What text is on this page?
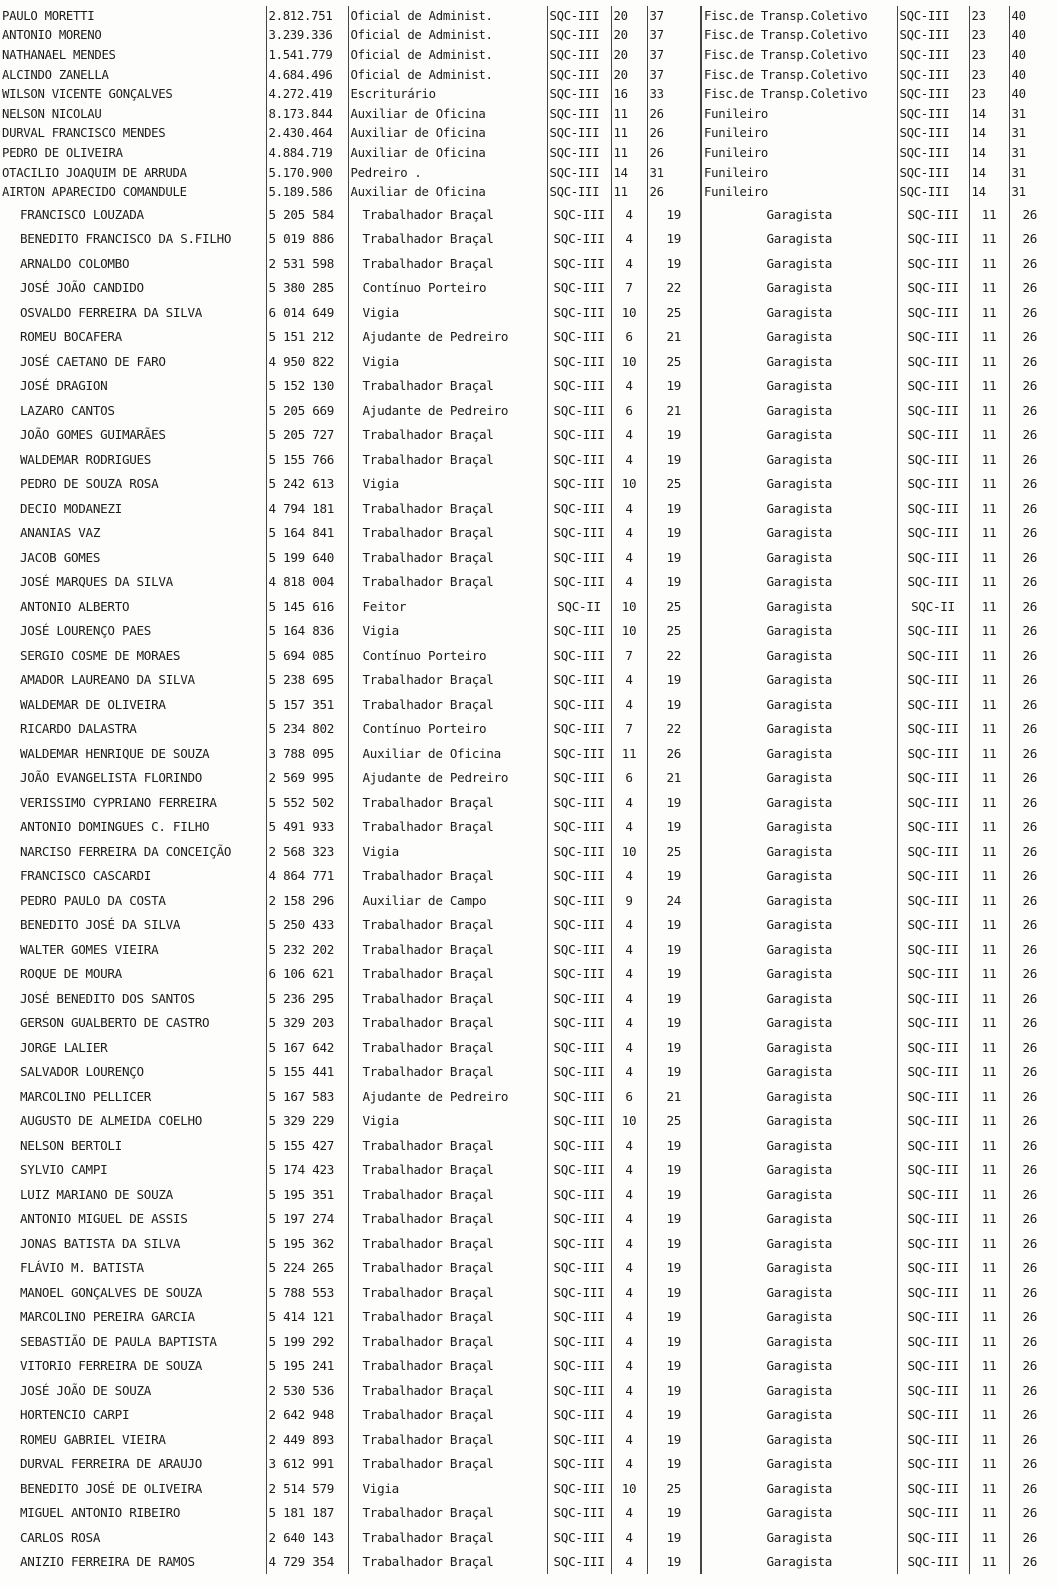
PAULO MORETTI	2.812.751	Oficial de Administ.	SQC-III	20	37	Fisc.de Transp.Coletivo	SQC-III	23	40
ANTONIO MORENO	3.239.336	Oficial de Administ.	SQC-III	20	37	Fisc.de Transp.Coletivo	SQC-III	23	40
NATHANAEL MENDES	1.541.779	Oficial de Administ.	SQC-III	20	37	Fisc.de Transp.Coletivo	SQC-III	23	40
ALCINDO ZANELLA	4.684.496	Oficial de Administ.	SQC-III	20	37	Fisc.de Transp.Coletivo	SQC-III	23	40
WILSON VICENTE GONÇALVES	4.272.419	Escriturário	SQC-III	16	33	Fisc.de Transp.Coletivo	SQC-III	23	40
NELSON NICOLAU	8.173.844	Auxiliar de Oficina	SQC-III	11	26	Funileiro	SQC-III	14	31
DURVAL FRANCISCO MENDES	2.430.464	Auxiliar de Oficina	SQC-III	11	26	Funileiro	SQC-III	14	31
PEDRO DE OLIVEIRA	4.884.719	Auxiliar de Oficina	SQC-III	11	26	Funileiro	SQC-III	14	31
OTACILIO JOAQUIM DE ARRUDA	5.170.900	Pedreiro .	SQC-III	14	31	Funileiro	SQC-III	14	31
AIRTON APARECIDO COMANDULE	5.189.586	Auxiliar de Oficina	SQC-III	11	26	Funileiro	SQC-III	14	31
FRANCISCO LOUZADA	5 205 584	Trabalhador Braçal	SQC-III	4	19	Garagista	SQC-III	11	26
BENEDITO FRANCISCO DA S.FILHO	5 019 886	Trabalhador Braçal	SQC-III	4	19	Garagista	SQC-III	11	26
ARNALDO COLOMBO	2 531 598	Trabalhador Braçal	SQC-III	4	19	Garagista	SQC-III	11	26
JOSÉ JOÃO CANDIDO	5 380 285	Contínuo Porteiro	SQC-III	7	22	Garagista	SQC-III	11	26
OSVALDO FERREIRA DA SILVA	6 014 649	Vigia	SQC-III	10	25	Garagista	SQC-III	11	26
ROMEU BOCAFERA	5 151 212	Ajudante de Pedreiro	SQC-III	6	21	Garagista	SQC-III	11	26
JOSÉ CAETANO DE FARO	4 950 822	Vigia	SQC-III	10	25	Garagista	SQC-III	11	26
JOSÉ DRAGION	5 152 130	Trabalhador Braçal	SQC-III	4	19	Garagista	SQC-III	11	26
LAZARO CANTOS	5 205 669	Ajudante de Pedreiro	SQC-III	6	21	Garagista	SQC-III	11	26
JOÃO GOMES GUIMARÃES	5 205 727	Trabalhador Braçal	SQC-III	4	19	Garagista	SQC-III	11	26
WALDEMAR RODRIGUES	5 155 766	Trabalhador Braçal	SQC-III	4	19	Garagista	SQC-III	11	26
PEDRO DE SOUZA ROSA	5 242 613	Vigia	SQC-III	10	25	Garagista	SQC-III	11	26
DECIO MODANEZI	4 794 181	Trabalhador Braçal	SQC-III	4	19	Garagista	SQC-III	11	26
ANANIAS VAZ	5 164 841	Trabalhador Braçal	SQC-III	4	19	Garagista	SQC-III	11	26
JACOB GOMES	5 199 640	Trabalhador Braçal	SQC-III	4	19	Garagista	SQC-III	11	26
JOSÉ MARQUES DA SILVA	4 818 004	Trabalhador Braçal	SQC-III	4	19	Garagista	SQC-III	11	26
ANTONIO ALBERTO	5 145 616	Feitor	SQC-II	10	25	Garagista	SQC-II	11	26
JOSÉ LOURENÇO PAES	5 164 836	Vigia	SQC-III	10	25	Garagista	SQC-III	11	26
SERGIO COSME DE MORAES	5 694 085	Contínuo Porteiro	SQC-III	7	22	Garagista	SQC-III	11	26
AMADOR LAUREANO DA SILVA	5 238 695	Trabalhador Braçal	SQC-III	4	19	Garagista	SQC-III	11	26
WALDEMAR DE OLIVEIRA	5 157 351	Trabalhador Braçal	SQC-III	4	19	Garagista	SQC-III	11	26
RICARDO DALASTRA	5 234 802	Contínuo Porteiro	SQC-III	7	22	Garagista	SQC-III	11	26
WALDEMAR HENRIQUE DE SOUZA	3 788 095	Auxiliar de Oficina	SQC-III	11	26	Garagista	SQC-III	11	26
JOÃO EVANGELISTA FLORINDO	2 569 995	Ajudante de Pedreiro	SQC-III	6	21	Garagista	SQC-III	11	26
VERISSIMO CYPRIANO FERREIRA	5 552 502	Trabalhador Braçal	SQC-III	4	19	Garagista	SQC-III	11	26
ANTONIO DOMINGUES C. FILHO	5 491 933	Trabalhador Braçal	SQC-III	4	19	Garagista	SQC-III	11	26
NARCISO FERREIRA DA CONCEIÇÃO	2 568 323	Vigia	SQC-III	10	25	Garagista	SQC-III	11	26
FRANCISCO CASCARDI	4 864 771	Trabalhador Braçal	SQC-III	4	19	Garagista	SQC-III	11	26
PEDRO PAULO DA COSTA	2 158 296	Auxiliar de Campo	SQC-III	9	24	Garagista	SQC-III	11	26
BENEDITO JOSÉ DA SILVA	5 250 433	Trabalhador Braçal	SQC-III	4	19	Garagista	SQC-III	11	26
WALTER GOMES VIEIRA	5 232 202	Trabalhador Braçal	SQC-III	4	19	Garagista	SQC-III	11	26
ROQUE DE MOURA	6 106 621	Trabalhador Braçal	SQC-III	4	19	Garagista	SQC-III	11	26
JOSÉ BENEDITO DOS SANTOS	5 236 295	Trabalhador Braçal	SQC-III	4	19	Garagista	SQC-III	11	26
GERSON GUALBERTO DE CASTRO	5 329 203	Trabalhador Braçal	SQC-III	4	19	Garagista	SQC-III	11	26
JORGE LALIER	5 167 642	Trabalhador Braçal	SQC-III	4	19	Garagista	SQC-III	11	26
SALVADOR LOURENÇO	5 155 441	Trabalhador Braçal	SQC-III	4	19	Garagista	SQC-III	11	26
MARCOLINO PELLICER	5 167 583	Ajudante de Pedreiro	SQC-III	6	21	Garagista	SQC-III	11	26
AUGUSTO DE ALMEIDA COELHO	5 329 229	Vigia	SQC-III	10	25	Garagista	SQC-III	11	26
NELSON BERTOLI	5 155 427	Trabalhador Braçal	SQC-III	4	19	Garagista	SQC-III	11	26
SYLVIO CAMPI	5 174 423	Trabalhador Braçal	SQC-III	4	19	Garagista	SQC-III	11	26
LUIZ MARIANO DE SOUZA	5 195 351	Trabalhador Braçal	SQC-III	4	19	Garagista	SQC-III	11	26
ANTONIO MIGUEL DE ASSIS	5 197 274	Trabalhador Braçal	SQC-III	4	19	Garagista	SQC-III	11	26
JONAS BATISTA DA SILVA	5 195 362	Trabalhador Braçal	SQC-III	4	19	Garagista	SQC-III	11	26
FLÁVIO M. BATISTA	5 224 265	Trabalhador Braçal	SQC-III	4	19	Garagista	SQC-III	11	26
MANOEL GONÇALVES DE SOUZA	5 788 553	Trabalhador Braçal	SQC-III	4	19	Garagista	SQC-III	11	26
MARCOLINO PEREIRA GARCIA	5 414 121	Trabalhador Braçal	SQC-III	4	19	Garagista	SQC-III	11	26
SEBASTIÃO DE PAULA BAPTISTA	5 199 292	Trabalhador Braçal	SQC-III	4	19	Garagista	SQC-III	11	26
VITORIO FERREIRA DE SOUZA	5 195 241	Trabalhador Braçal	SQC-III	4	19	Garagista	SQC-III	11	26
JOSÉ JOÃO DE SOUZA	2 530 536	Trabalhador Braçal	SQC-III	4	19	Garagista	SQC-III	11	26
HORTENCIO CARPI	2 642 948	Trabalhador Braçal	SQC-III	4	19	Garagista	SQC-III	11	26
ROMEU GABRIEL VIEIRA	2 449 893	Trabalhador Braçal	SQC-III	4	19	Garagista	SQC-III	11	26
DURVAL FERREIRA DE ARAUJO	3 612 991	Trabalhador Braçal	SQC-III	4	19	Garagista	SQC-III	11	26
BENEDITO JOSÉ DE OLIVEIRA	2 514 579	Vigia	SQC-III	10	25	Garagista	SQC-III	11	26
MIGUEL ANTONIO RIBEIRO	5 181 187	Trabalhador Braçal	SQC-III	4	19	Garagista	SQC-III	11	26
CARLOS ROSA	2 640 143	Trabalhador Braçal	SQC-III	4	19	Garagista	SQC-III	11	26
ANIZIO FERREIRA DE RAMOS	4 729 354	Trabalhador Braçal	SQC-III	4	19	Garagista	SQC-III	11	26
